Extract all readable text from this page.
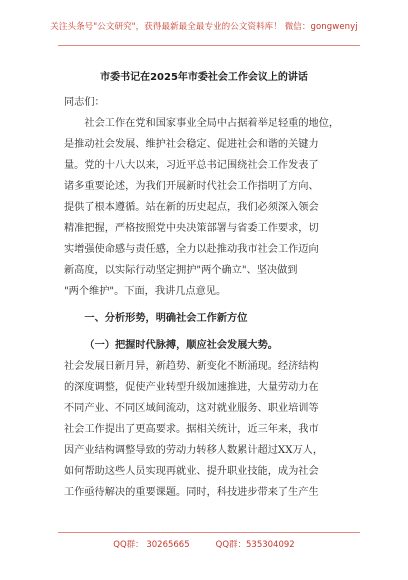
关注头条号"公文研究"，获得最新最全最专业的公文资料库！ 微信：gongwenyj
市委书记在2025年市委社会工作会议上的讲话
同志们：
社会工作在党和国家事业全局中占据着举足轻重的地位，
是推动社会发展、维护社会稳定、促进社会和谐的关键力
量。党的十八大以来，习近平总书记围绕社会工作发表了
诸多重要论述，为我们开展新时代社会工作指明了方向、
提供了根本遵循。站在新的历史起点，我们必须深入领会
精准把握，严格按照党中央决策部署与省委工作要求，切
实增强使命感与责任感，全力以赴推动我市社会工作迈向
新高度，以实际行动坚定拥护"两个确立"、坚决做到
"两个维护"。下面，我讲几点意见。
一、分析形势，明确社会工作新方位
（一）把握时代脉搏，顺应社会发展大势。
社会发展日新月异，新趋势、新变化不断涌现。经济结构
的深度调整，促使产业转型升级加速推进，大量劳动力在
不同产业、不同区域间流动，这对就业服务、职业培训等
社会工作提出了更高要求。据相关统计，近三年来，我市
因产业结构调整导致的劳动力转移人数累计超过XX万人，
如何帮助这些人员实现再就业、提升职业技能，成为社会
工作亟待解决的重要课题。同时，科技进步带来了生产生
QQ群： 30265665	QQ群：535304092
